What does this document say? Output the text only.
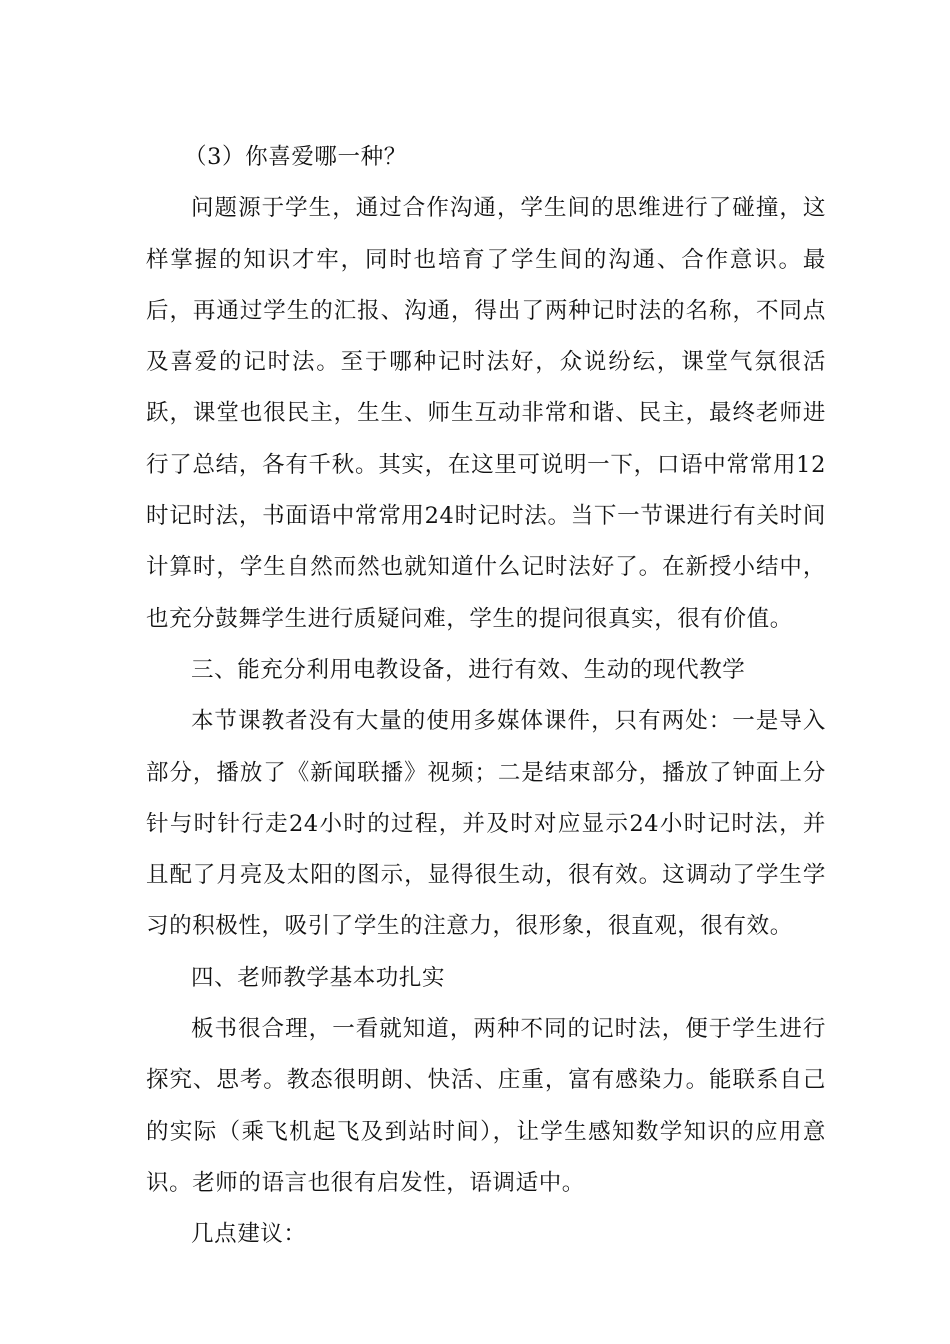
（3）你喜爱哪一种？

问题源于学生，通过合作沟通，学生间的思维进行了碰撞，这样掌握的知识才牢，同时也培育了学生间的沟通、合作意识。最后，再通过学生的汇报、沟通，得出了两种记时法的名称，不同点及喜爱的记时法。至于哪种记时法好，众说纷纭，课堂气氛很活跃，课堂也很民主，生生、师生互动非常和谐、民主，最终老师进行了总结，各有千秋。其实，在这里可说明一下，口语中常常用12时记时法，书面语中常常用24时记时法。当下一节课进行有关时间计算时，学生自然而然也就知道什么记时法好了。在新授小结中，也充分鼓舞学生进行质疑问难，学生的提问很真实，很有价值。

三、能充分利用电教设备，进行有效、生动的现代教学

本节课教者没有大量的使用多媒体课件，只有两处：一是导入部分，播放了《新闻联播》视频；二是结束部分，播放了钟面上分针与时针行走24小时的过程，并及时对应显示24小时记时法，并且配了月亮及太阳的图示，显得很生动，很有效。这调动了学生学习的积极性，吸引了学生的注意力，很形象，很直观，很有效。

四、老师教学基本功扎实

板书很合理，一看就知道，两种不同的记时法，便于学生进行探究、思考。教态很明朗、快活、庄重，富有感染力。能联系自己的实际（乘飞机起飞及到站时间），让学生感知数学知识的应用意识。老师的语言也很有启发性，语调适中。

几点建议：
